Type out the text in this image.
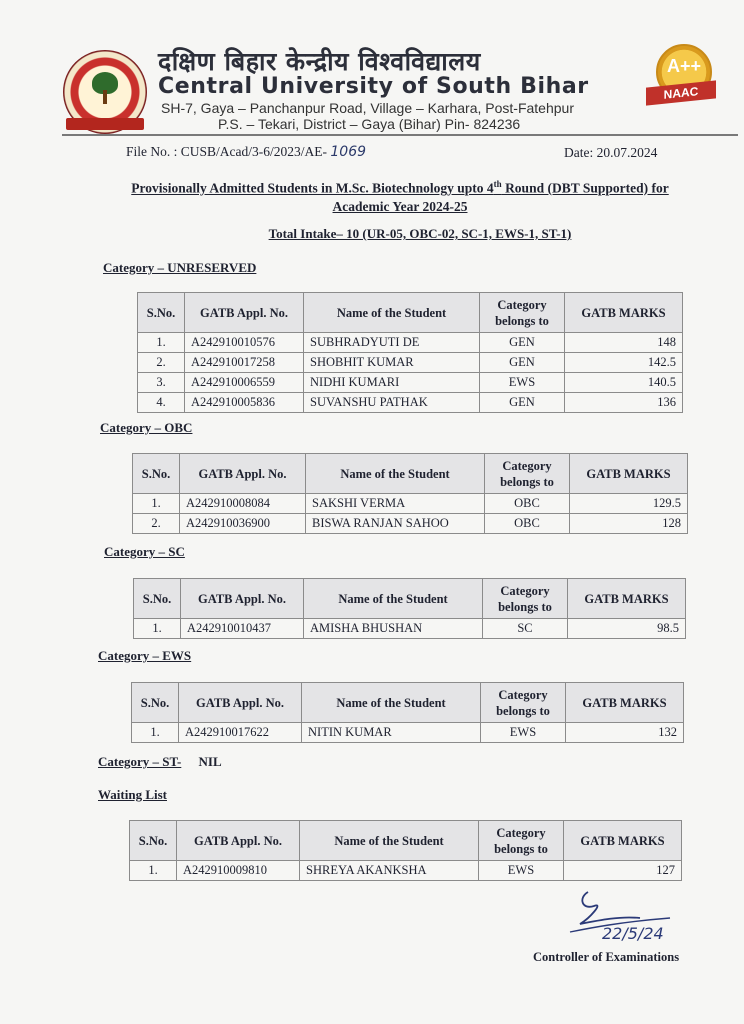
दक्षिण बिहार केन्द्रीय विश्वविद्यालय
Central University of South Bihar
SH-7, Gaya – Panchanpur Road, Village – Karhara, Post-Fatehpur
P.S. – Tekari, District – Gaya (Bihar) Pin- 824236
A++
NAAC
File No. : CUSB/Acad/3-6/2023/AE- 1069	Date: 20.07.2024
Provisionally Admitted Students in M.Sc. Biotechnology upto 4th Round (DBT Supported) for
Academic Year 2024-25
Total Intake– 10 (UR-05, OBC-02, SC-1, EWS-1, ST-1)
Category – UNRESERVED
S.No.	GATB Appl. No.	Name of the Student	Category belongs to	GATB MARKS
1.	A242910010576	SUBHRADYUTI DE	GEN	148
2.	A242910017258	SHOBHIT KUMAR	GEN	142.5
3.	A242910006559	NIDHI KUMARI	EWS	140.5
4.	A242910005836	SUVANSHU PATHAK	GEN	136
Category – OBC
S.No.	GATB Appl. No.	Name of the Student	Category belongs to	GATB MARKS
1.	A242910008084	SAKSHI VERMA	OBC	129.5
2.	A242910036900	BISWA RANJAN SAHOO	OBC	128
Category – SC
S.No.	GATB Appl. No.	Name of the Student	Category belongs to	GATB MARKS
1.	A242910010437	AMISHA BHUSHAN	SC	98.5
Category – EWS
S.No.	GATB Appl. No.	Name of the Student	Category belongs to	GATB MARKS
1.	A242910017622	NITIN KUMAR	EWS	132
Category – ST- NIL
Waiting List
S.No.	GATB Appl. No.	Name of the Student	Category belongs to	GATB MARKS
1.	A242910009810	SHREYA AKANKSHA	EWS	127
22/5/24
Controller of Examinations
